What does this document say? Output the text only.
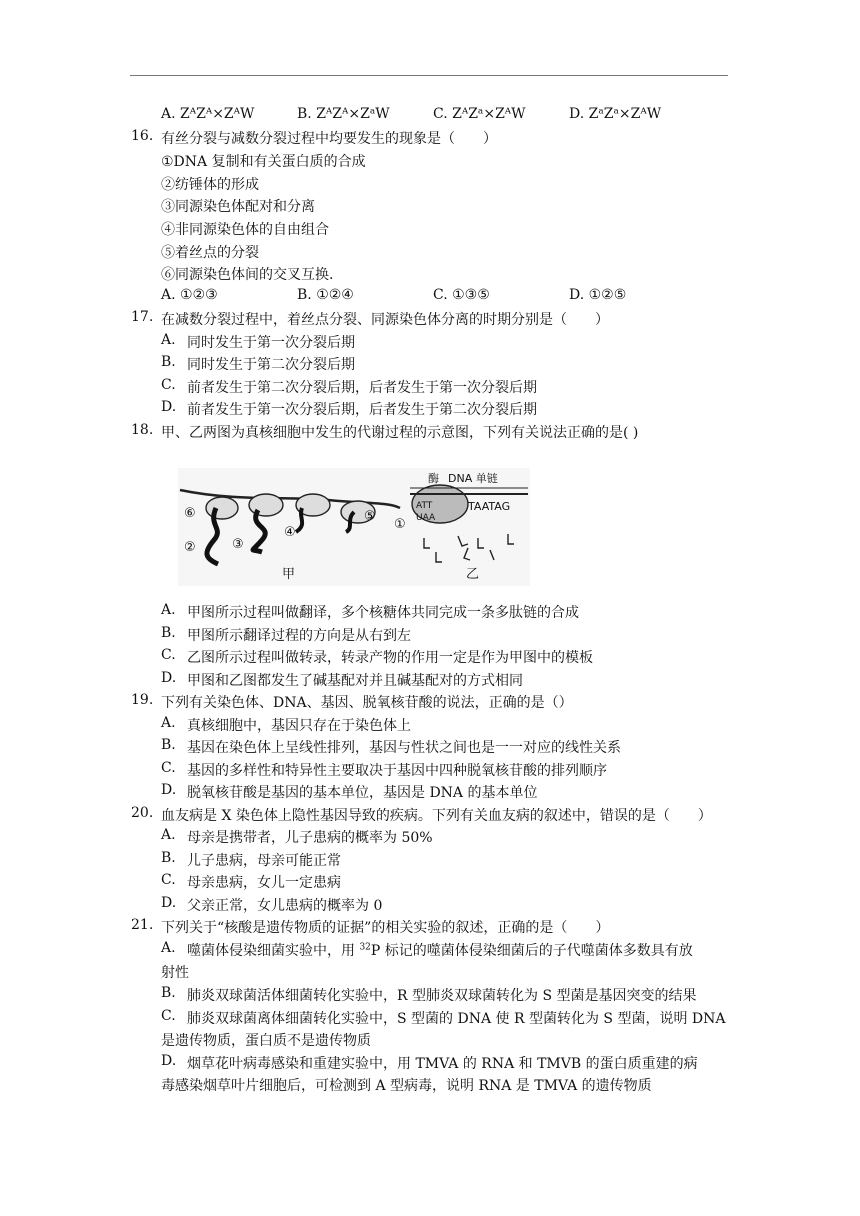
A. ZᴬZᴬ×ZᴬW	B. ZᴬZᴬ×ZᵃW	C. ZᴬZᵃ×ZᴬW	D. ZᵃZᵃ×ZᴬW
16. 有丝分裂与减数分裂过程中均要发生的现象是（　　）
①DNA 复制和有关蛋白质的合成
②纺锤体的形成
③同源染色体配对和分离
④非同源染色体的自由组合
⑤着丝点的分裂
⑥同源染色体间的交叉互换.
A. ①②③	B. ①②④	C. ①③⑤	D. ①②⑤
17. 在减数分裂过程中，着丝点分裂、同源染色体分离的时期分别是（　　）
A. 同时发生于第一次分裂后期
B. 同时发生于第二次分裂后期
C. 前者发生于第二次分裂后期，后者发生于第一次分裂后期
D. 前者发生于第一次分裂后期，后者发生于第二次分裂后期
18. 甲、乙两图为真核细胞中发生的代谢过程的示意图，下列有关说法正确的是( )
⑥
②	③
④
⑤
①
甲	乙
酶 DNA 单链
TAATAG
ATT
UAA
A. 甲图所示过程叫做翻译，多个核糖体共同完成一条多肽链的合成
B. 甲图所示翻译过程的方向是从右到左
C. 乙图所示过程叫做转录，转录产物的作用一定是作为甲图中的模板
D. 甲图和乙图都发生了碱基配对并且碱基配对的方式相同
19. 下列有关染色体、DNA、基因、脱氧核苷酸的说法，正确的是（）
A. 真核细胞中，基因只存在于染色体上
B. 基因在染色体上呈线性排列，基因与性状之间也是一一对应的线性关系
C. 基因的多样性和特异性主要取决于基因中四种脱氧核苷酸的排列顺序
D. 脱氧核苷酸是基因的基本单位，基因是 DNA 的基本单位
20. 血友病是 X 染色体上隐性基因导致的疾病。下列有关血友病的叙述中，错误的是（　　）
A. 母亲是携带者，儿子患病的概率为 50%
B. 儿子患病，母亲可能正常
C. 母亲患病，女儿一定患病
D. 父亲正常，女儿患病的概率为 0
21. 下列关于“核酸是遗传物质的证据”的相关实验的叙述，正确的是（　　）
A. 噬菌体侵染细菌实验中，用 $^{32}$P 标记的噬菌体侵染细菌后的子代噬菌体多数具有放
射性
B. 肺炎双球菌活体细菌转化实验中，R 型肺炎双球菌转化为 S 型菌是基因突变的结果
C. 肺炎双球菌离体细菌转化实验中，S 型菌的 DNA 使 R 型菌转化为 S 型菌，说明 DNA
是遗传物质，蛋白质不是遗传物质
D. 烟草花叶病毒感染和重建实验中，用 TMVA 的 RNA 和 TMVB 的蛋白质重建的病
毒感染烟草叶片细胞后，可检测到 A 型病毒，说明 RNA 是 TMVA 的遗传物质
